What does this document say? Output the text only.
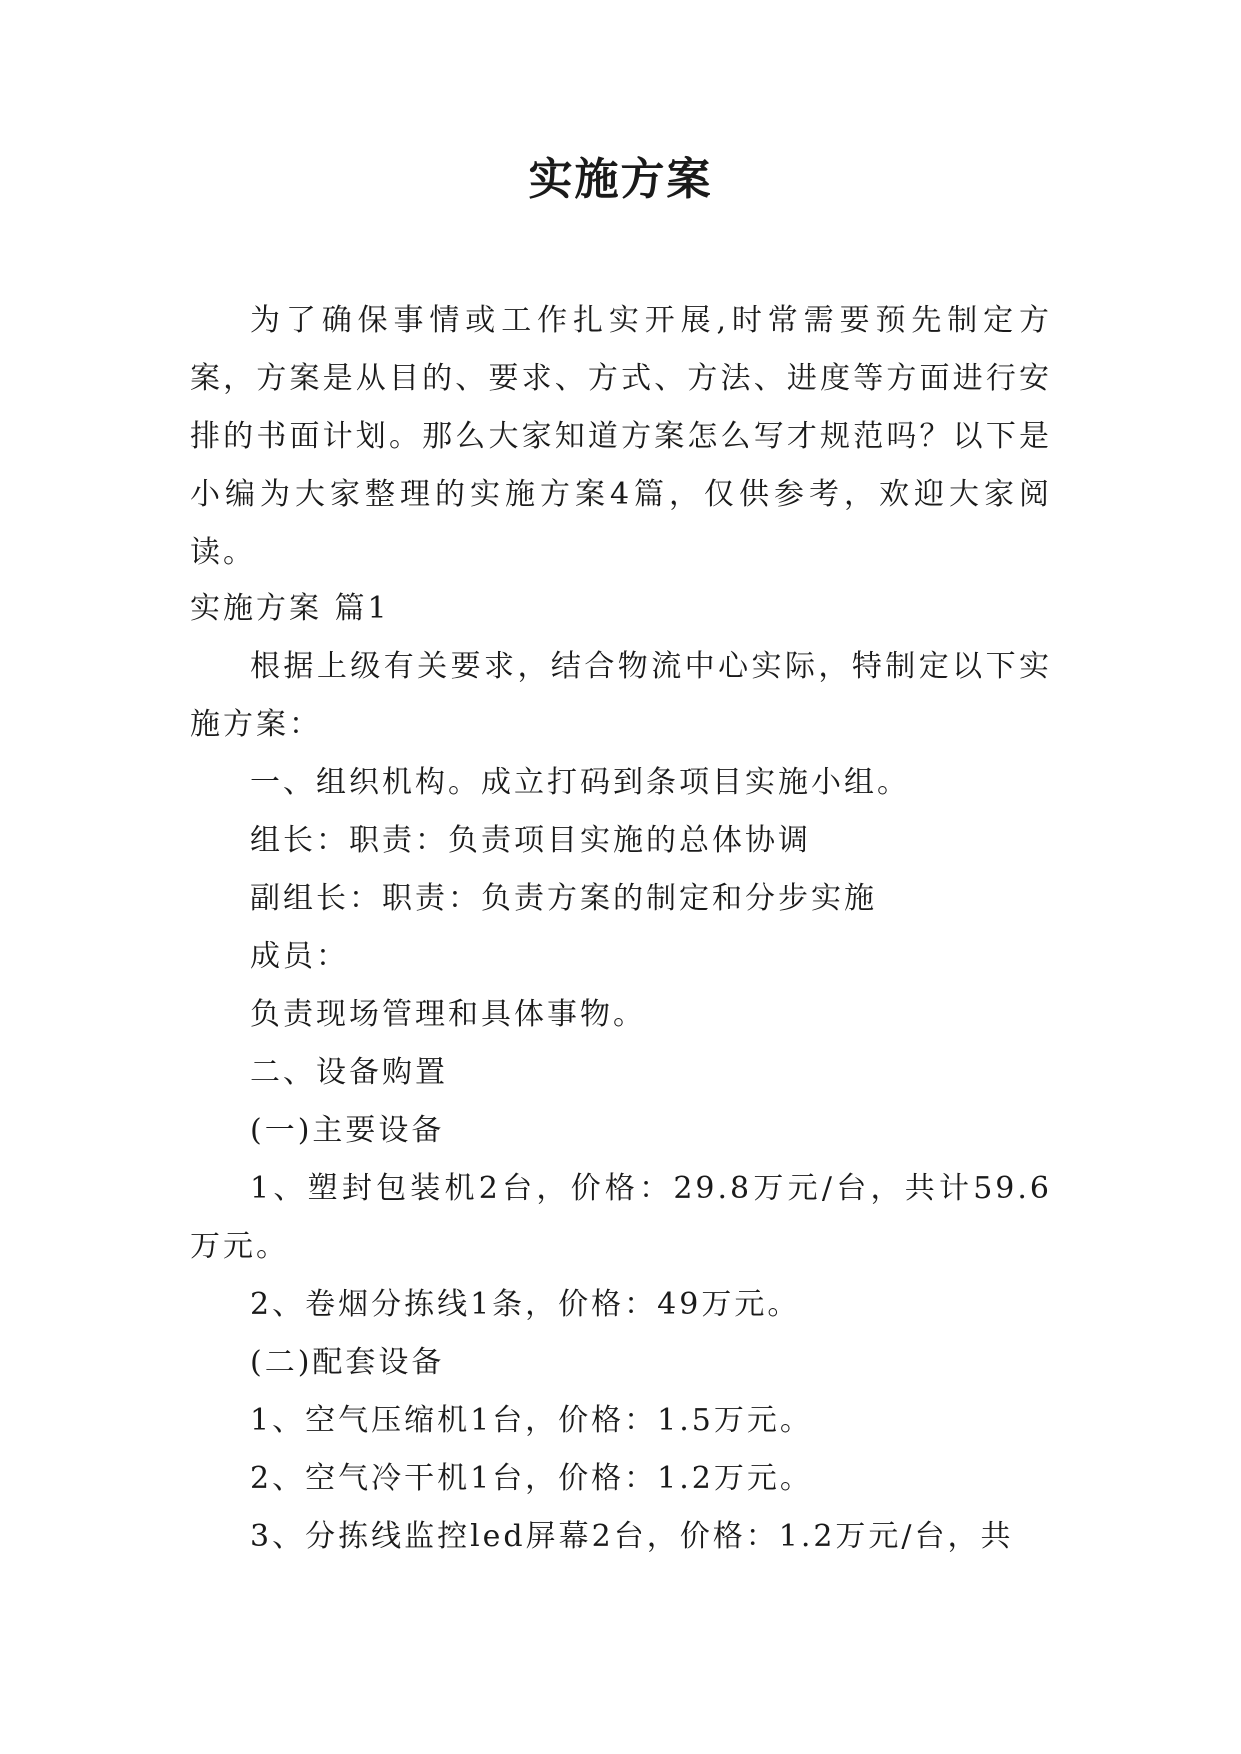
实施方案

为了确保事情或工作扎实开展,时常需要预先制定方案，方案是从目的、要求、方式、方法、进度等方面进行安排的书面计划。那么大家知道方案怎么写才规范吗？以下是小编为大家整理的实施方案4篇，仅供参考，欢迎大家阅读。

实施方案 篇1

根据上级有关要求，结合物流中心实际，特制定以下实施方案：

一、组织机构。成立打码到条项目实施小组。

组长：职责：负责项目实施的总体协调

副组长：职责：负责方案的制定和分步实施

成员：

负责现场管理和具体事物。

二、设备购置

(一)主要设备

1、塑封包装机2台，价格：29.8万元/台，共计59.6万元。

2、卷烟分拣线1条，价格：49万元。

(二)配套设备

1、空气压缩机1台，价格：1.5万元。

2、空气冷干机1台，价格：1.2万元。

3、分拣线监控led屏幕2台，价格：1.2万元/台，共
